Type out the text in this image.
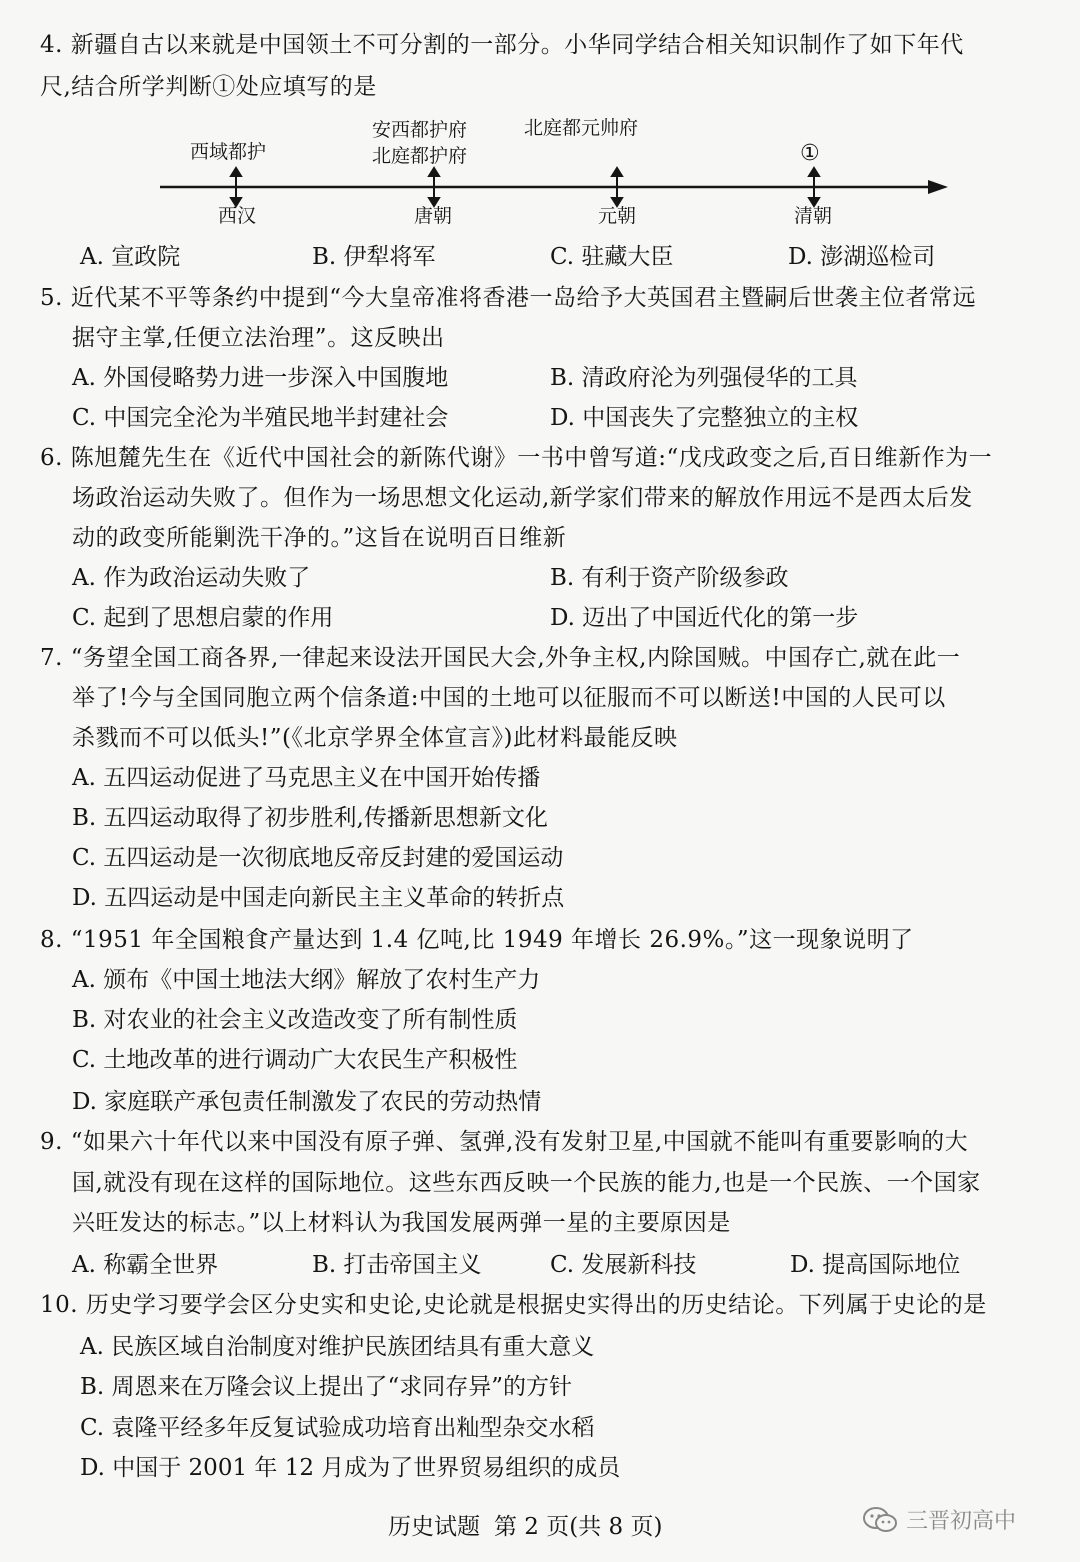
4. 新疆自古以来就是中国领土不可分割的一部分。小华同学结合相关知识制作了如下年代
尺,结合所学判断①处应填写的是
西域都护
安西都护府
北庭都护府
北庭都元帅府
①
西汉	唐朝	元朝	清朝
A. 宣政院	B. 伊犁将军	C. 驻藏大臣	D. 澎湖巡检司
5. 近代某不平等条约中提到“今大皇帝准将香港一岛给予大英国君主暨嗣后世袭主位者常远
据守主掌,任便立法治理”。这反映出
A. 外国侵略势力进一步深入中国腹地	B. 清政府沦为列强侵华的工具
C. 中国完全沦为半殖民地半封建社会	D. 中国丧失了完整独立的主权
6. 陈旭麓先生在《近代中国社会的新陈代谢》一书中曾写道:“戊戌政变之后,百日维新作为一
场政治运动失败了。但作为一场思想文化运动,新学家们带来的解放作用远不是西太后发
动的政变所能剿洗干净的。”这旨在说明百日维新
A. 作为政治运动失败了	B. 有利于资产阶级参政
C. 起到了思想启蒙的作用	D. 迈出了中国近代化的第一步
7. “务望全国工商各界,一律起来设法开国民大会,外争主权,内除国贼。中国存亡,就在此一
举了!今与全国同胞立两个信条道:中国的土地可以征服而不可以断送!中国的人民可以
杀戮而不可以低头!”(《北京学界全体宣言》)此材料最能反映
A. 五四运动促进了马克思主义在中国开始传播
B. 五四运动取得了初步胜利,传播新思想新文化
C. 五四运动是一次彻底地反帝反封建的爱国运动
D. 五四运动是中国走向新民主主义革命的转折点
8. “1951 年全国粮食产量达到 1.4 亿吨,比 1949 年增长 26.9%。”这一现象说明了
A. 颁布《中国土地法大纲》解放了农村生产力
B. 对农业的社会主义改造改变了所有制性质
C. 土地改革的进行调动广大农民生产积极性
D. 家庭联产承包责任制激发了农民的劳动热情
9. “如果六十年代以来中国没有原子弹、氢弹,没有发射卫星,中国就不能叫有重要影响的大
国,就没有现在这样的国际地位。这些东西反映一个民族的能力,也是一个民族、一个国家
兴旺发达的标志。”以上材料认为我国发展两弹一星的主要原因是
A. 称霸全世界	B. 打击帝国主义	C. 发展新科技	D. 提高国际地位
10. 历史学习要学会区分史实和史论,史论就是根据史实得出的历史结论。下列属于史论的是
A. 民族区域自治制度对维护民族团结具有重大意义
B. 周恩来在万隆会议上提出了“求同存异”的方针
C. 袁隆平经多年反复试验成功培育出籼型杂交水稻
D. 中国于 2001 年 12 月成为了世界贸易组织的成员
历史试题 第 2 页(共 8 页)	三晋初高中
